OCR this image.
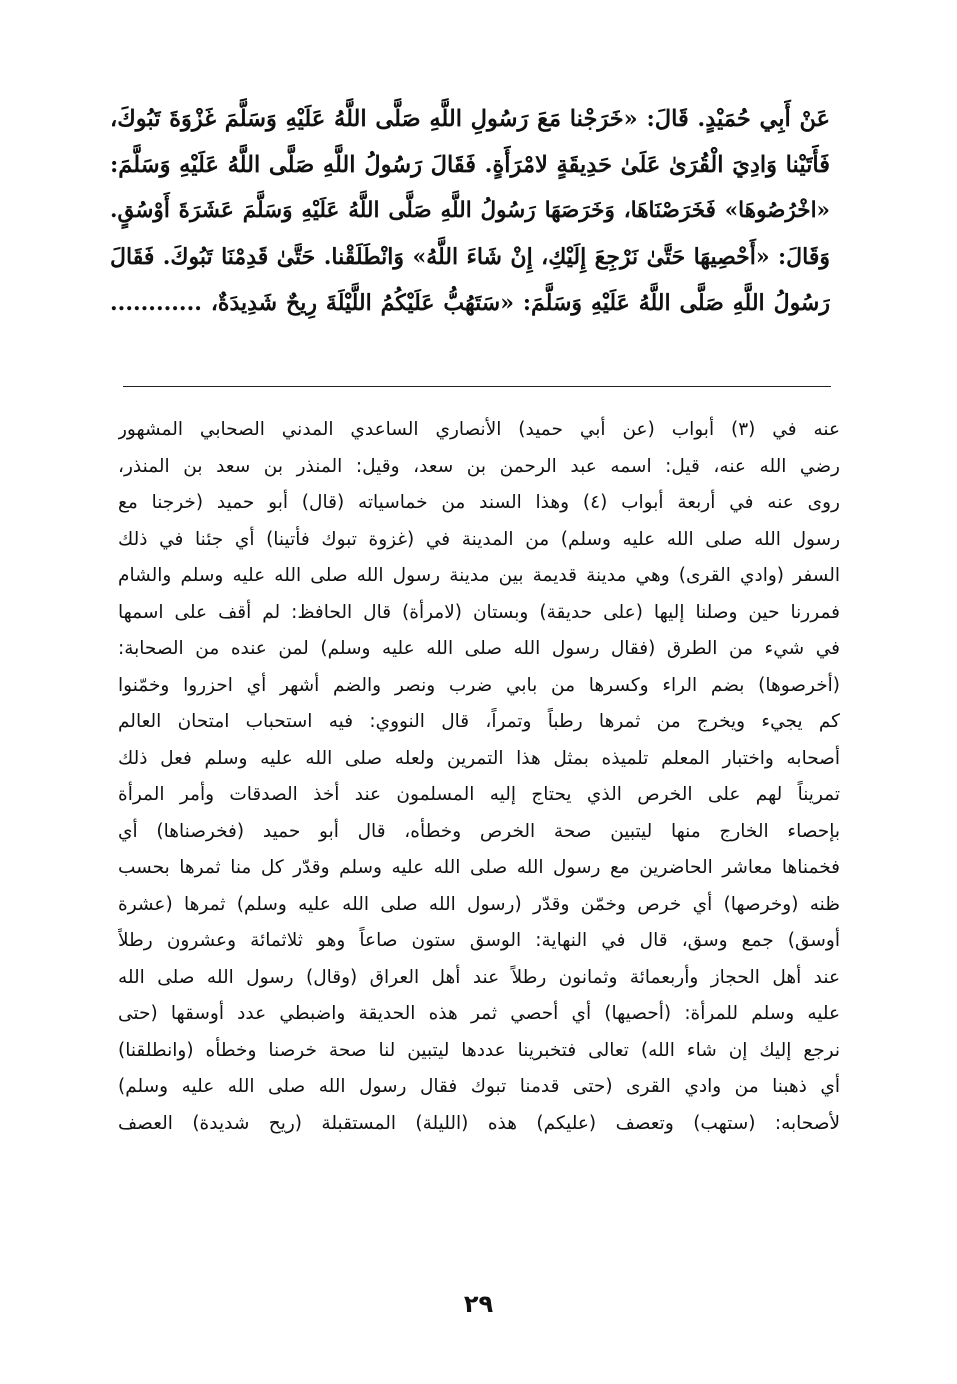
عَنْ أَبِي حُمَيْدٍ. قَالَ: «خَرَجْنا مَعَ رَسُولِ اللَّهِ صَلَّى اللَّهُ عَلَيْهِ وَسَلَّمَ غَزْوَةَ تَبُوكَ،
فَأَتَيْنا وَادِيَ الْقُرَىٰ عَلَىٰ حَدِيقَةٍ لامْرَأَةٍ. فَقَالَ رَسُولُ اللَّهِ صَلَّى اللَّهُ عَلَيْهِ وَسَلَّمَ:
«اخْرُصُوهَا» فَخَرَصْنَاهَا، وَخَرَصَهَا رَسُولُ اللَّهِ صَلَّى اللَّهُ عَلَيْهِ وَسَلَّمَ عَشَرَةَ أَوْسُقٍ.
وَقَالَ: «أَحْصِيهَا حَتَّىٰ نَرْجِعَ إِلَيْكِ، إِنْ شَاءَ اللَّهُ» وَانْطَلَقْنا. حَتَّىٰ قَدِمْنَا تَبُوكَ. فَقَالَ
رَسُولُ اللَّهِ صَلَّى اللَّهُ عَلَيْهِ وَسَلَّمَ: «سَتَهُبُّ عَلَيْكُمُ اللَّيْلَةَ رِيحٌ شَدِيدَةٌ، ............
عنه في (٣) أبواب (عن أبي حميد) الأنصاري الساعدي المدني الصحابي المشهور
رضي الله عنه، قيل: اسمه عبد الرحمن بن سعد، وقيل: المنذر بن سعد بن المنذر،
روى عنه في أربعة أبواب (٤) وهذا السند من خماسياته (قال) أبو حميد (خرجنا مع
رسول الله صلى الله عليه وسلم) من المدينة في (غزوة تبوك فأتينا) أي جئنا في ذلك
السفر (وادي القرى) وهي مدينة قديمة بين مدينة رسول الله صلى الله عليه وسلم والشام
فمررنا حين وصلنا إليها (على حديقة) وبستان (لامرأة) قال الحافظ: لم أقف على اسمها
في شيء من الطرق (فقال رسول الله صلى الله عليه وسلم) لمن عنده من الصحابة:
(أخرصوها) بضم الراء وكسرها من بابي ضرب ونصر والضم أشهر أي احزروا وخمّنوا
كم يجيء ويخرج من ثمرها رطباً وتمراً، قال النووي: فيه استحباب امتحان العالم
أصحابه واختبار المعلم تلميذه بمثل هذا التمرين ولعله صلى الله عليه وسلم فعل ذلك
تمريناً لهم على الخرص الذي يحتاج إليه المسلمون عند أخذ الصدقات وأمر المرأة
بإحصاء الخارج منها ليتبين صحة الخرص وخطأه، قال أبو حميد (فخرصناها) أي
فخمناها معاشر الحاضرين مع رسول الله صلى الله عليه وسلم وقدّر كل منا ثمرها بحسب
ظنه (وخرصها) أي خرص وخمّن وقدّر (رسول الله صلى الله عليه وسلم) ثمرها (عشرة
أوسق) جمع وسق، قال في النهاية: الوسق ستون صاعاً وهو ثلاثمائة وعشرون رطلاً
عند أهل الحجاز وأربعمائة وثمانون رطلاً عند أهل العراق (وقال) رسول الله صلى الله
عليه وسلم للمرأة: (أحصيها) أي أحصي ثمر هذه الحديقة واضبطي عدد أوسقها (حتى
نرجع إليك إن شاء الله) تعالى فتخبرينا عددها ليتبين لنا صحة خرصنا وخطأه (وانطلقنا)
أي ذهبنا من وادي القرى (حتى قدمنا تبوك فقال رسول الله صلى الله عليه وسلم)
لأصحابه: (ستهب) وتعصف (عليكم) هذه (الليلة) المستقبلة (ريح شديدة) العصف
٢٩
